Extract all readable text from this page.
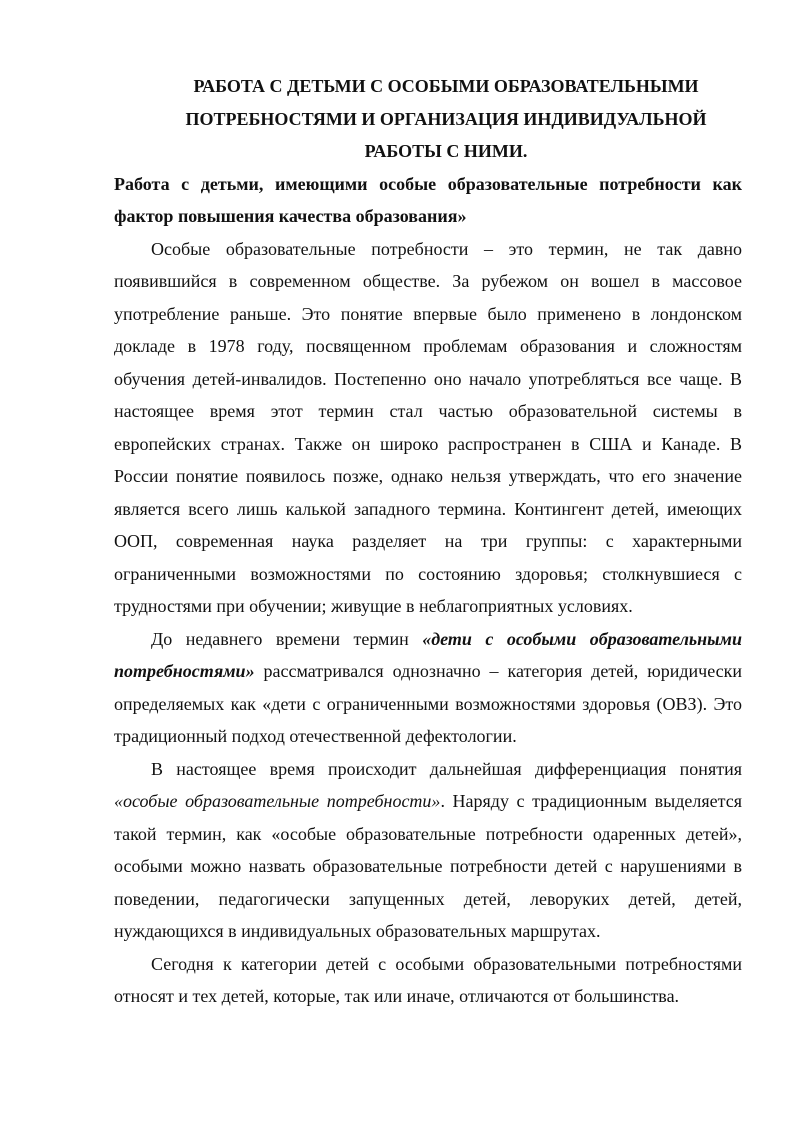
РАБОТА С ДЕТЬМИ С ОСОБЫМИ ОБРАЗОВАТЕЛЬНЫМИ ПОТРЕБНОСТЯМИ И ОРГАНИЗАЦИЯ ИНДИВИДУАЛЬНОЙ РАБОТЫ С НИМИ.

Работа с детьми, имеющими особые образовательные потребности как фактор повышения качества образования»

Особые образовательные потребности – это термин, не так давно появившийся в современном обществе. За рубежом он вошел в массовое употребление раньше. Это понятие впервые было применено в лондонском докладе в 1978 году, посвященном проблемам образования и сложностям обучения детей-инвалидов. Постепенно оно начало употребляться все чаще. В настоящее время этот термин стал частью образовательной системы в европейских странах. Также он широко распространен в США и Канаде. В России понятие появилось позже, однако нельзя утверждать, что его значение является всего лишь калькой западного термина. Контингент детей, имеющих ООП, современная наука разделяет на три группы: с характерными ограниченными возможностями по состоянию здоровья; столкнувшиеся с трудностями при обучении; живущие в неблагоприятных условиях.

До недавнего времени термин «дети с особыми образовательными потребностями» рассматривался однозначно – категория детей, юридически определяемых как «дети с ограниченными возможностями здоровья (ОВЗ). Это традиционный подход отечественной дефектологии.

В настоящее время происходит дальнейшая дифференциация понятия «особые образовательные потребности». Наряду с традиционным выделяется такой термин, как «особые образовательные потребности одаренных детей», особыми можно назвать образовательные потребности детей с нарушениями в поведении, педагогически запущенных детей, леворуких детей, детей, нуждающихся в индивидуальных образовательных маршрутах.

Сегодня к категории детей с особыми образовательными потребностями относят и тех детей, которые, так или иначе, отличаются от большинства.
